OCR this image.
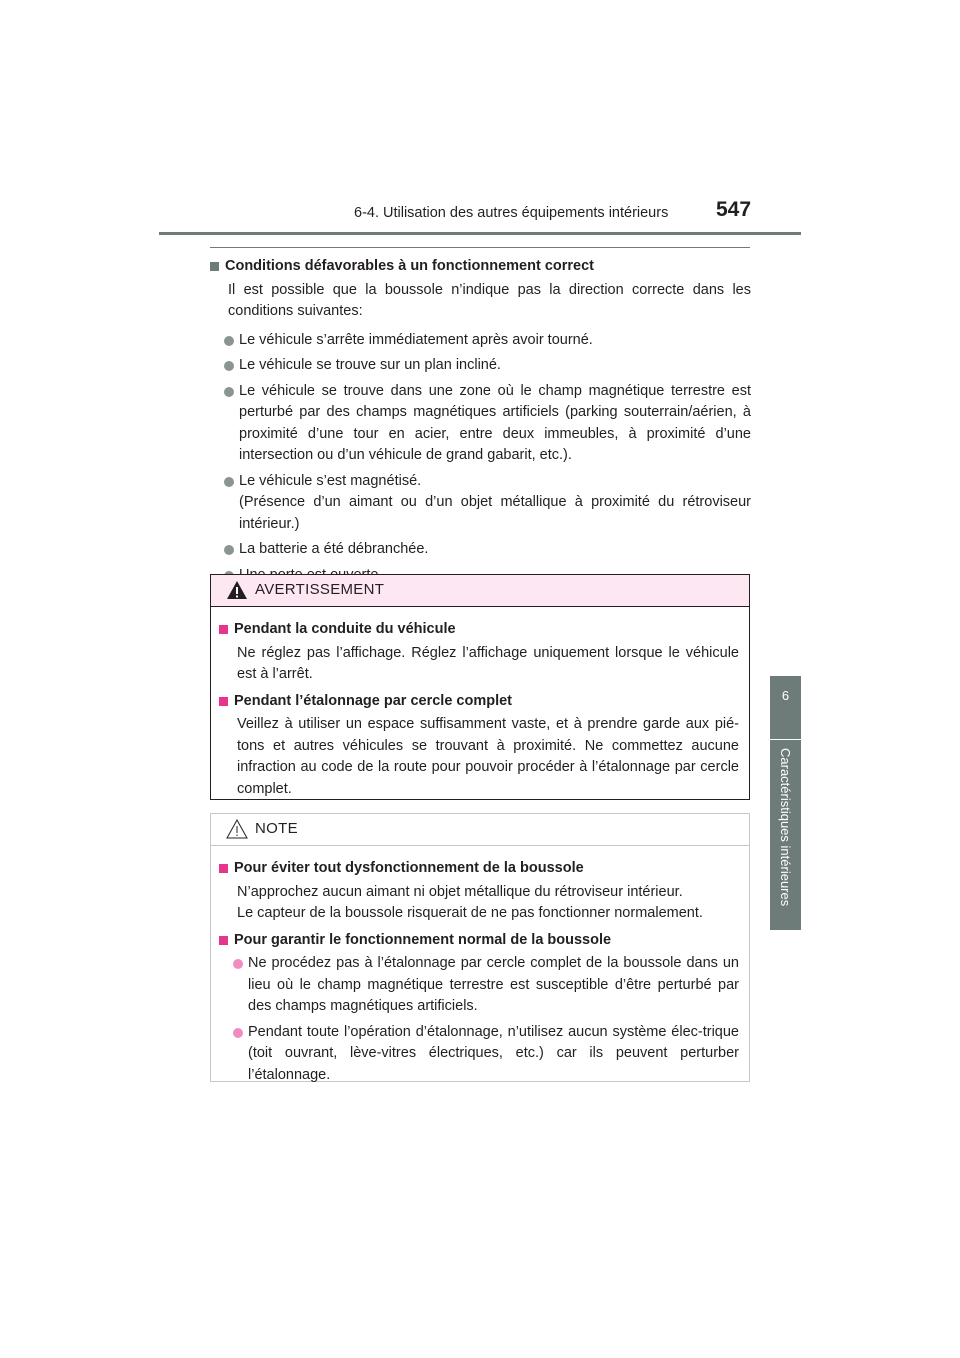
6-4. Utilisation des autres équipements intérieurs 547
6
Caractéristiques intérieures
Conditions défavorables à un fonctionnement correct
Il est possible que la boussole n’indique pas la direction correcte dans les conditions suivantes:
Le véhicule s’arrête immédiatement après avoir tourné.
Le véhicule se trouve sur un plan incliné.
Le véhicule se trouve dans une zone où le champ magnétique terrestre est perturbé par des champs magnétiques artificiels (parking souterrain/aérien, à proximité d’une tour en acier, entre deux immeubles, à proximité d’une intersection ou d’un véhicule de grand gabarit, etc.).
Le véhicule s’est magnétisé.
(Présence d’un aimant ou d’un objet métallique à proximité du rétroviseur intérieur.)
La batterie a été débranchée.
AVERTISSEMENT
Pendant la conduite du véhicule
Ne réglez pas l’affichage. Réglez l’affichage uniquement lorsque le véhicule est à l’arrêt.
Pendant l’étalonnage par cercle complet
Veillez à utiliser un espace suffisamment vaste, et à prendre garde aux pié-tons et autres véhicules se trouvant à proximité. Ne commettez aucune infraction au code de la route pour pouvoir procéder à l’étalonnage par cercle complet.
NOTE
Pour éviter tout dysfonctionnement de la boussole
N’approchez aucun aimant ni objet métallique du rétroviseur intérieur.
Le capteur de la boussole risquerait de ne pas fonctionner normalement.
Pour garantir le fonctionnement normal de la boussole
Ne procédez pas à l’étalonnage par cercle complet de la boussole dans un lieu où le champ magnétique terrestre est susceptible d’être perturbé par des champs magnétiques artificiels.
Pendant toute l’opération d’étalonnage, n’utilisez aucun système élec-trique (toit ouvrant, lève-vitres électriques, etc.) car ils peuvent perturber l’étalonnage.
